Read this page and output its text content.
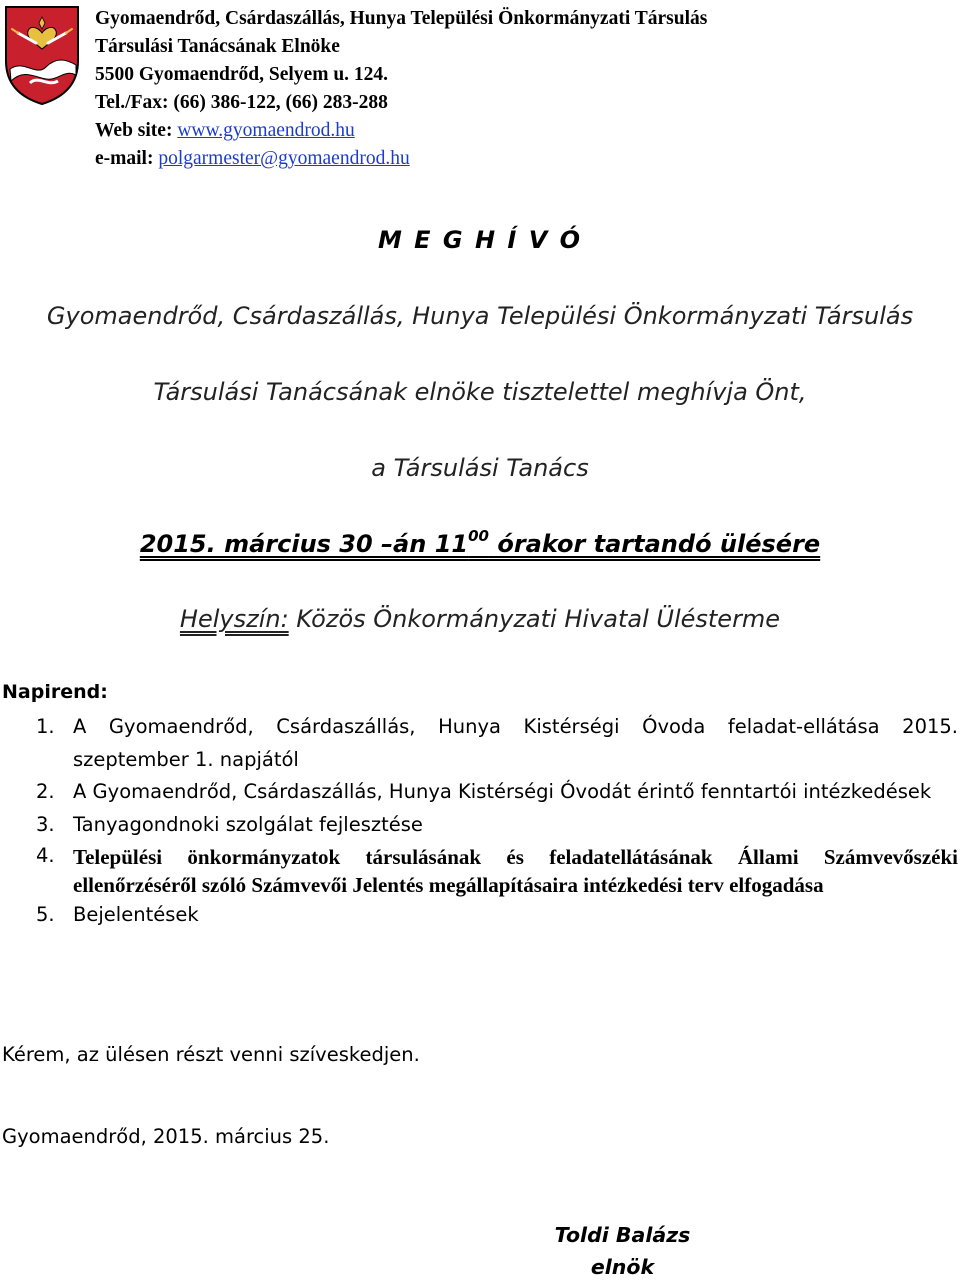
Gyomaendrőd, Csárdaszállás, Hunya Települési Önkormányzati Társulás
Társulási Tanácsának Elnöke
5500 Gyomaendrőd, Selyem u. 124.
Tel./Fax: (66) 386-122, (66) 283-288
Web site: www.gyomaendrod.hu
e-mail: polgarmester@gyomaendrod.hu
M E G H Í V Ó
Gyomaendrőd, Csárdaszállás, Hunya Települési Önkormányzati Társulás
Társulási Tanácsának elnöke tisztelettel meghívja Önt,
a Társulási Tanács
2015. március 30 –án $11^{00}$ órakor tartandó ülésére
Helyszín: Közös Önkormányzati Hivatal Ülésterme
Napirend:
1. A Gyomaendrőd, Csárdaszállás, Hunya Kistérségi Óvoda feladat-ellátása 2015. szeptember 1. napjától
2. A Gyomaendrőd, Csárdaszállás, Hunya Kistérségi Óvodát érintő fenntartói intézkedések
3. Tanyagondnoki szolgálat fejlesztése
4. Települési önkormányzatok társulásának és feladatellátásának Állami Számvevőszéki ellenőrzéséről szóló Számvevői Jelentés megállapításaira intézkedési terv elfogadása
5. Bejelentések
Kérem, az ülésen részt venni szíveskedjen.
Gyomaendrőd, 2015. március 25.
Toldi Balázs
elnök
